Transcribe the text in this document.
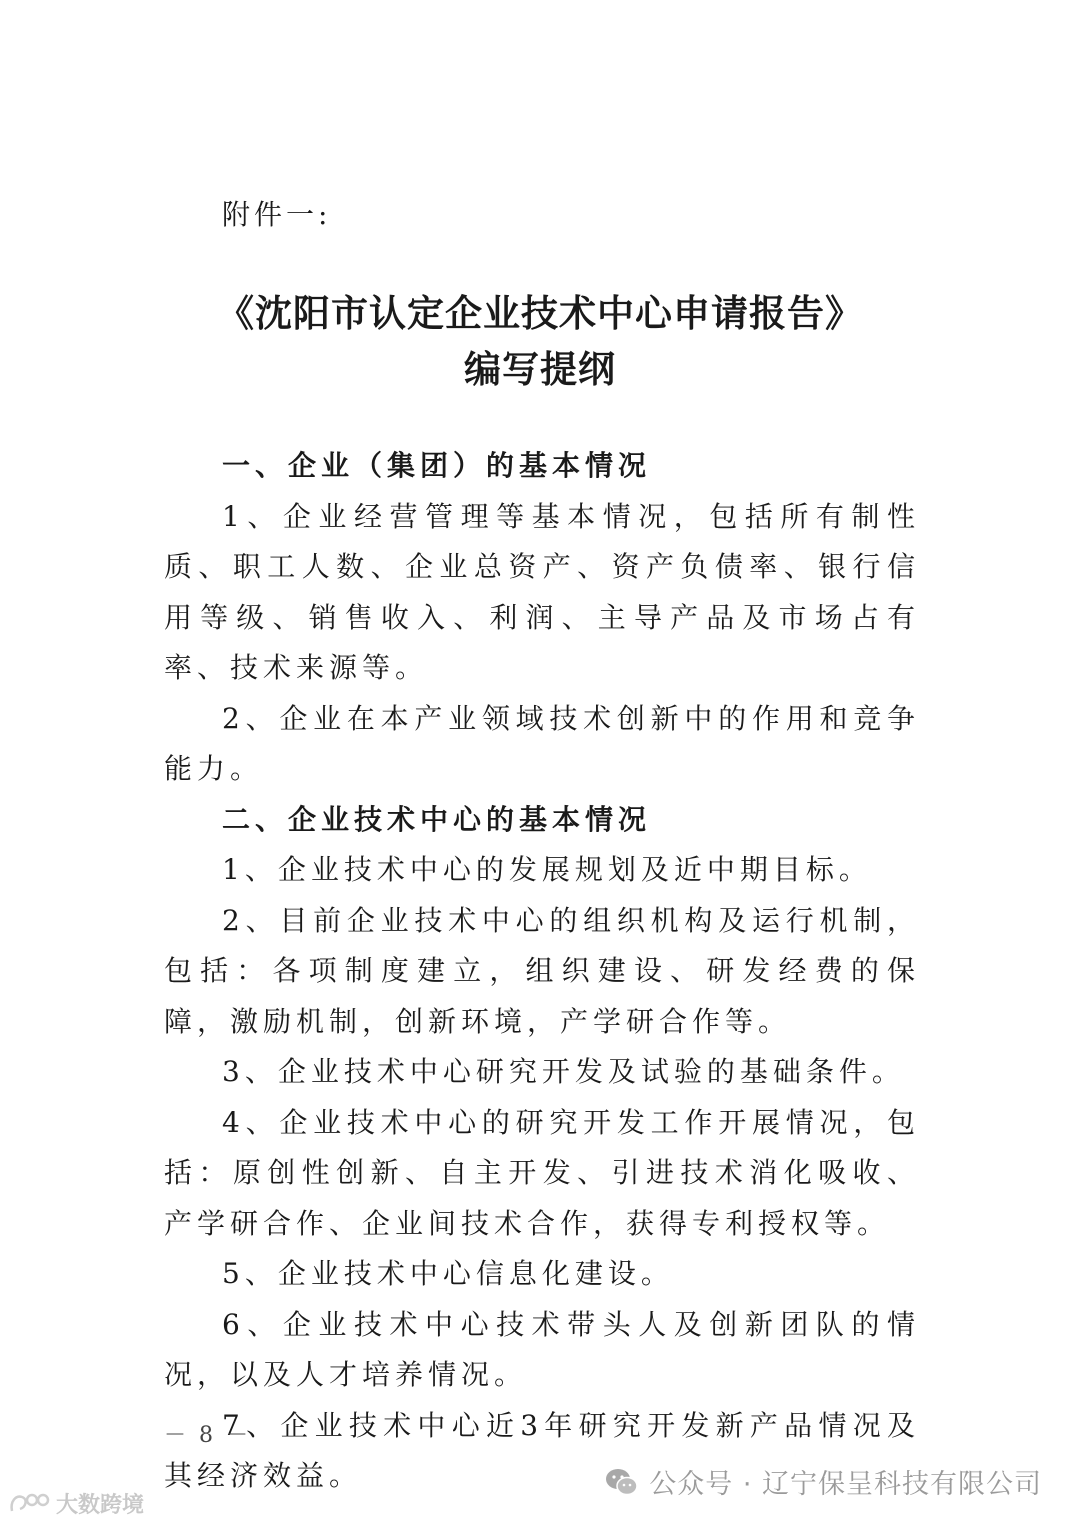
附件一:
《沈阳市认定企业技术中心申请报告》
编写提纲

一、企业（集团）的基本情况

1、企业经营管理等基本情况，包括所有制性质、职工人数、企业总资产、资产负债率、银行信用等级、销售收入、利润、主导产品及市场占有率、技术来源等。

2、企业在本产业领域技术创新中的作用和竞争能力。

二、企业技术中心的基本情况

1、企业技术中心的发展规划及近中期目标。

2、目前企业技术中心的组织机构及运行机制，包括：各项制度建立，组织建设、研发经费的保障，激励机制，创新环境，产学研合作等。

3、企业技术中心研究开发及试验的基础条件。

4、企业技术中心的研究开发工作开展情况，包括：原创性创新、自主开发、引进技术消化吸收、产学研合作、企业间技术合作，获得专利授权等。

5、企业技术中心信息化建设。

6、企业技术中心技术带头人及创新团队的情况，以及人才培养情况。

7、企业技术中心近3年研究开发新产品情况及其经济效益。

－ 8 －
公众号 · 辽宁保呈科技有限公司
大数跨境
